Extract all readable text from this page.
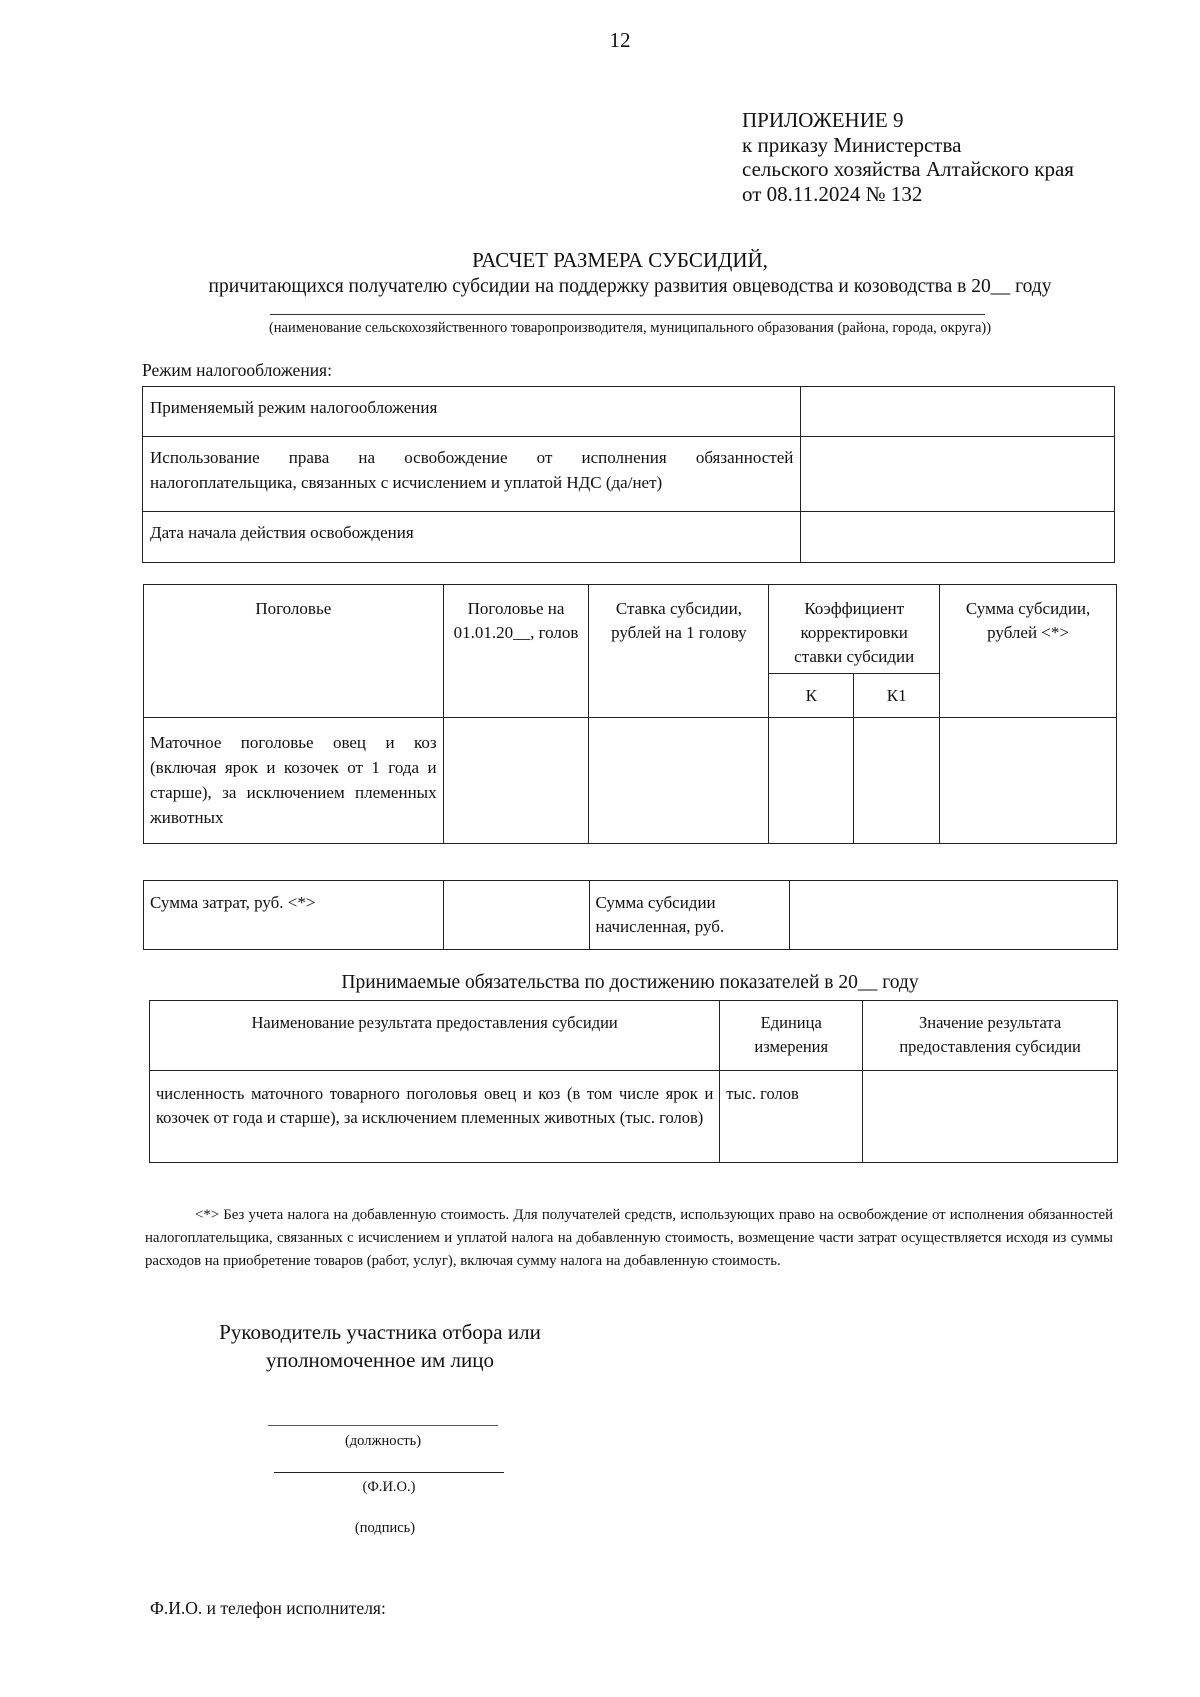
12
ПРИЛОЖЕНИЕ 9
к приказу Министерства
сельского хозяйства Алтайского края
от 08.11.2024 № 132
РАСЧЕТ РАЗМЕРА СУБСИДИЙ,
причитающихся получателю субсидии на поддержку развития овцеводства и козоводства в 20__ году
(наименование сельскохозяйственного товаропроизводителя, муниципального образования (района, города, округа))
Режим налогообложения:
Применяемый режим налогообложения	
Использование права на освобождение от исполнения обязанностей налогоплательщика, связанных с исчислением и уплатой НДС (да/нет)	
Дата начала действия освобождения	
Поголовье	Поголовье на 01.01.20__, голов	Ставка субсидии, рублей на 1 голову	Коэффициент корректировки ставки субсидии		Сумма субсидии, рублей <*>
			К	К1	
Маточное поголовье овец и коз (включая ярок и козочек от 1 года и старше), за исключением племенных животных					
Сумма затрат, руб. <*>		Сумма субсидии начисленная, руб.	
Принимаемые обязательства по достижению показателей в 20__ году
Наименование результата предоставления субсидии	Единица измерения	Значение результата предоставления субсидии
численность маточного товарного поголовья овец и коз (в том числе ярок и козочек от года и старше), за исключением племенных животных (тыс. голов)	тыс. голов	
<*> Без учета налога на добавленную стоимость. Для получателей средств, использующих право на освобождение от исполнения обязанностей налогоплательщика, связанных с исчислением и уплатой налога на добавленную стоимость, возмещение части затрат осуществляется исходя из суммы расходов на приобретение товаров (работ, услуг), включая сумму налога на добавленную стоимость.
Руководитель участника отбора или
уполномоченное им лицо
(должность)
(Ф.И.О.)
(подпись)
Ф.И.О. и телефон исполнителя:
